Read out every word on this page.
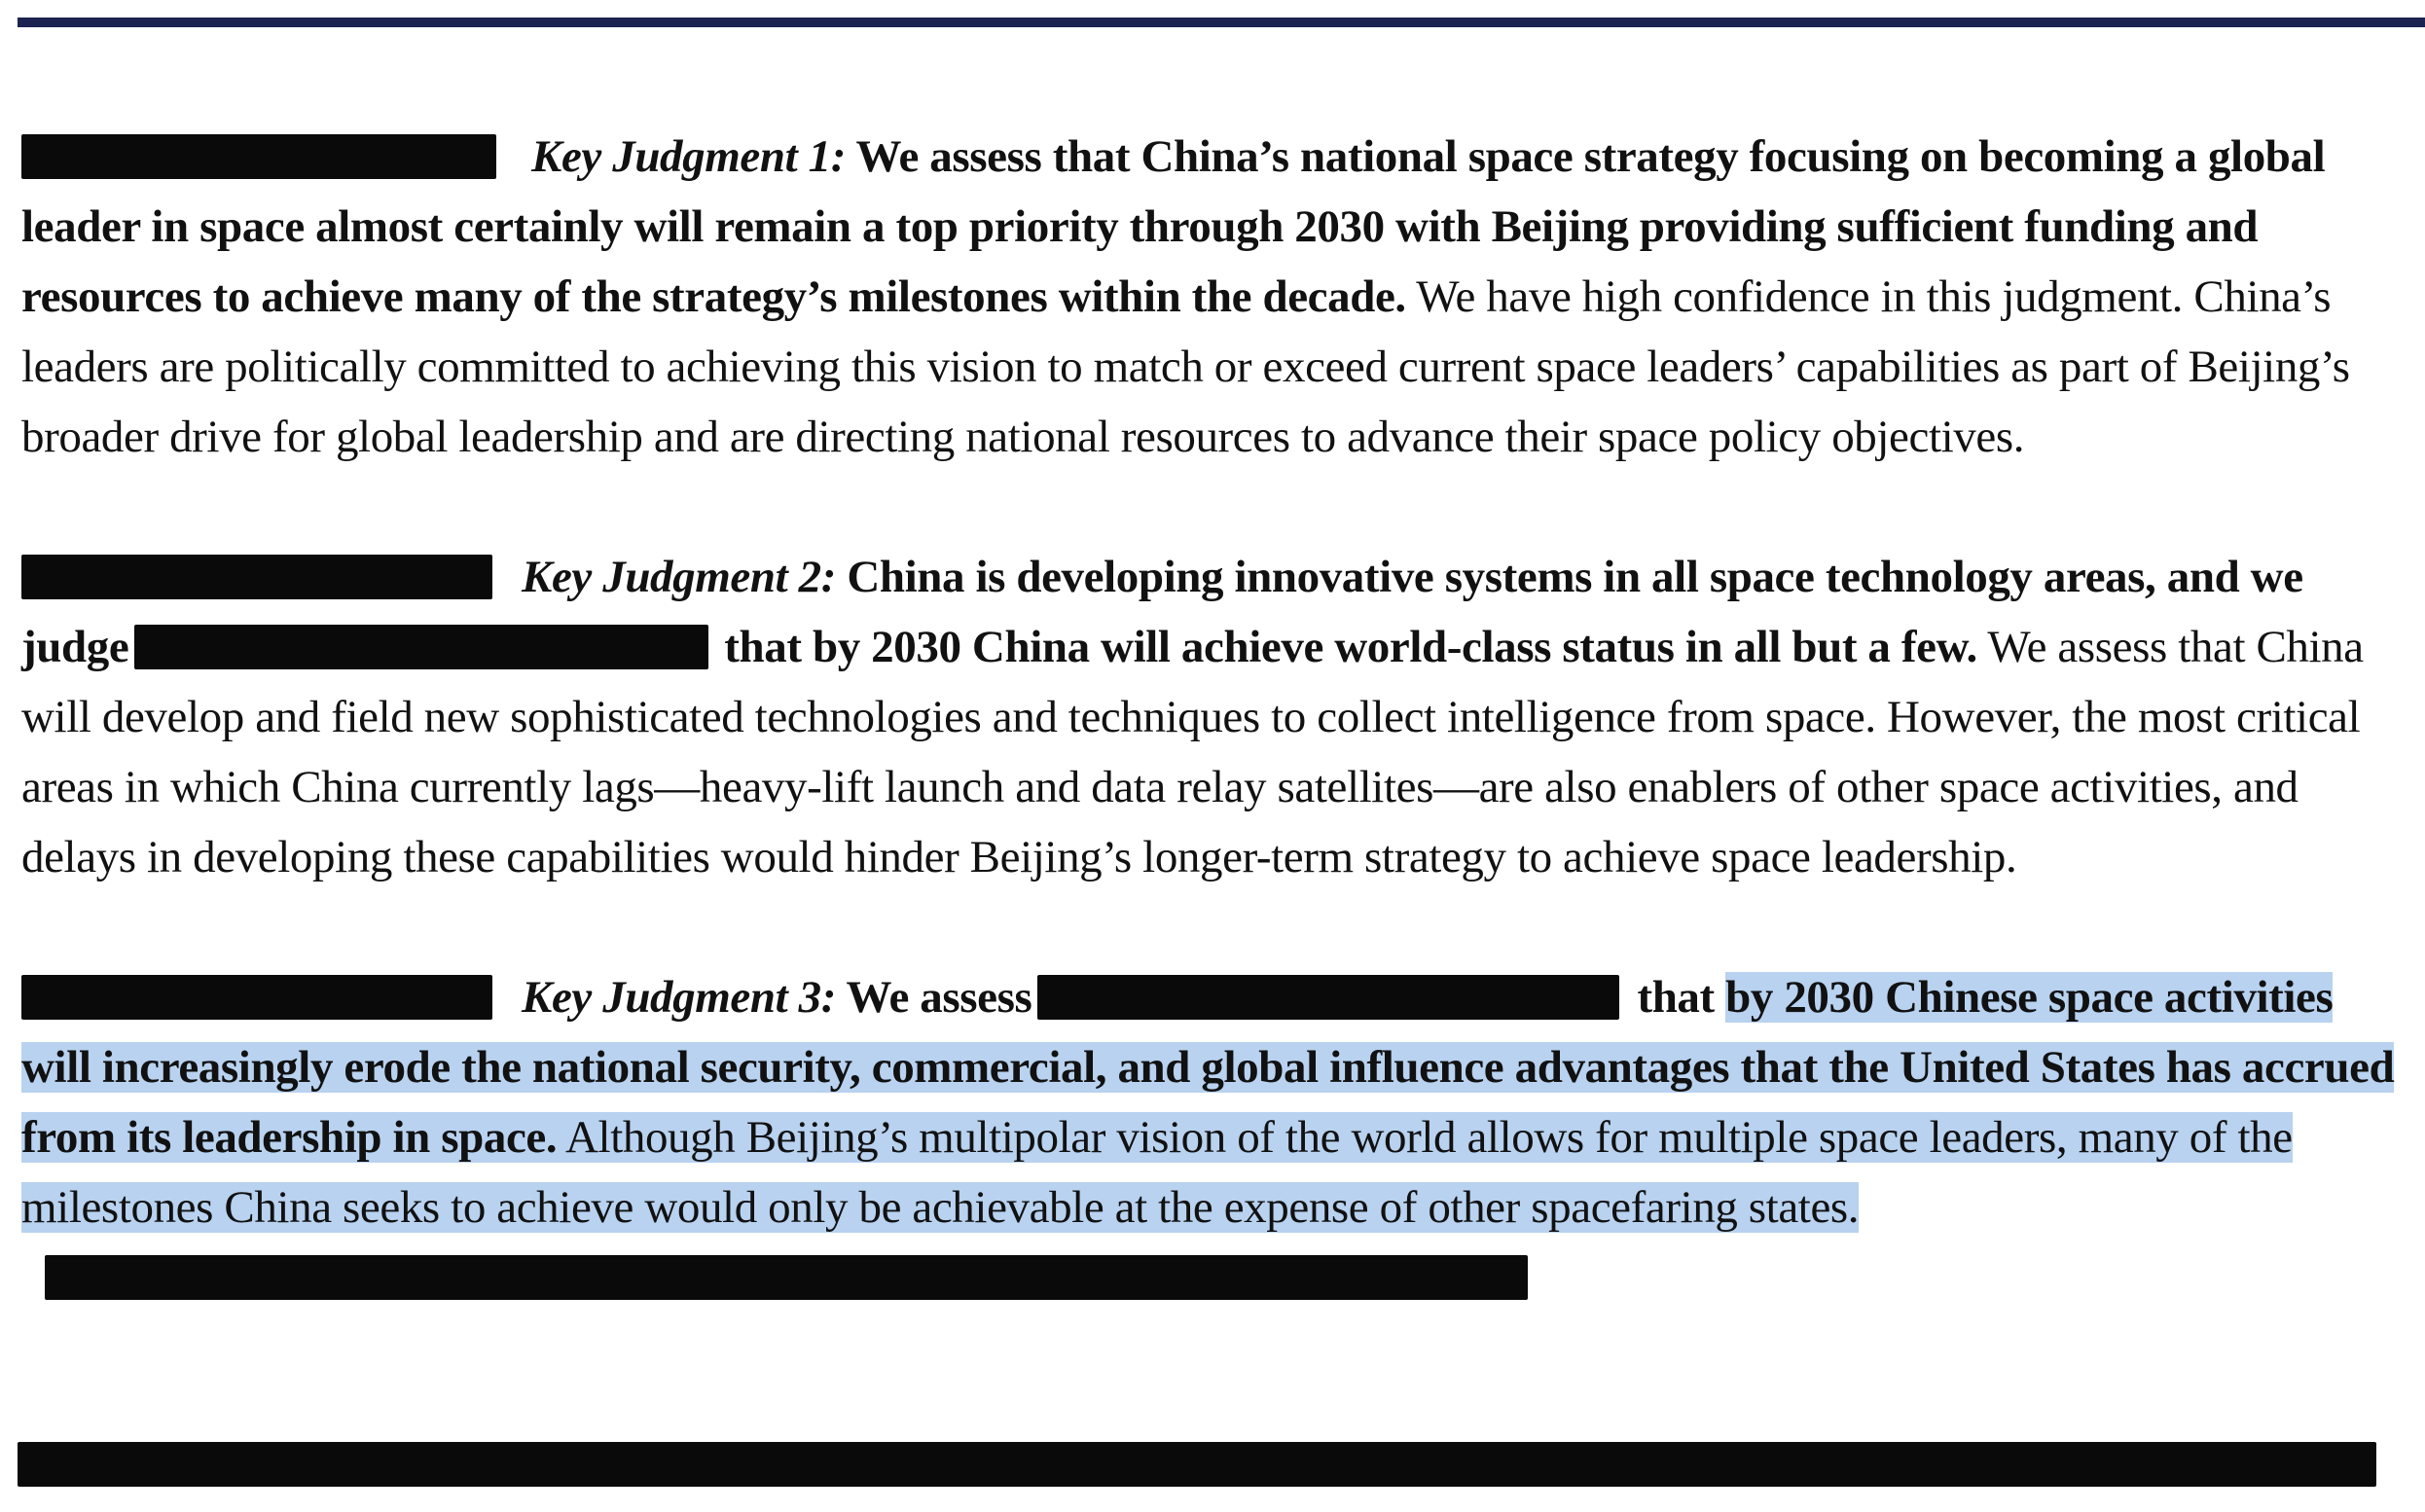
Key Judgment 1: We assess that China’s national space strategy focusing on becoming a global leader in space almost certainly will remain a top priority through 2030 with Beijing providing sufficient funding and resources to achieve many of the strategy’s milestones within the decade. We have high confidence in this judgment. China’s leaders are politically committed to achieving this vision to match or exceed current space leaders’ capabilities as part of Beijing’s broader drive for global leadership and are directing national resources to advance their space policy objectives.

Key Judgment 2: China is developing innovative systems in all space technology areas, and we judge	that by 2030 China will achieve world-class status in all but a few. We assess that China will develop and field new sophisticated technologies and techniques to collect intelligence from space. However, the most critical areas in which China currently lags—heavy-lift launch and data relay satellites—are also enablers of other space activities, and delays in developing these capabilities would hinder Beijing’s longer-term strategy to achieve space leadership.

Key Judgment 3: We assess	that by 2030 Chinese space activities will increasingly erode the national security, commercial, and global influence advantages that the United States has accrued from its leadership in space. Although Beijing’s multipolar vision of the world allows for multiple space leaders, many of the milestones China seeks to achieve would only be achievable at the expense of other spacefaring states.
